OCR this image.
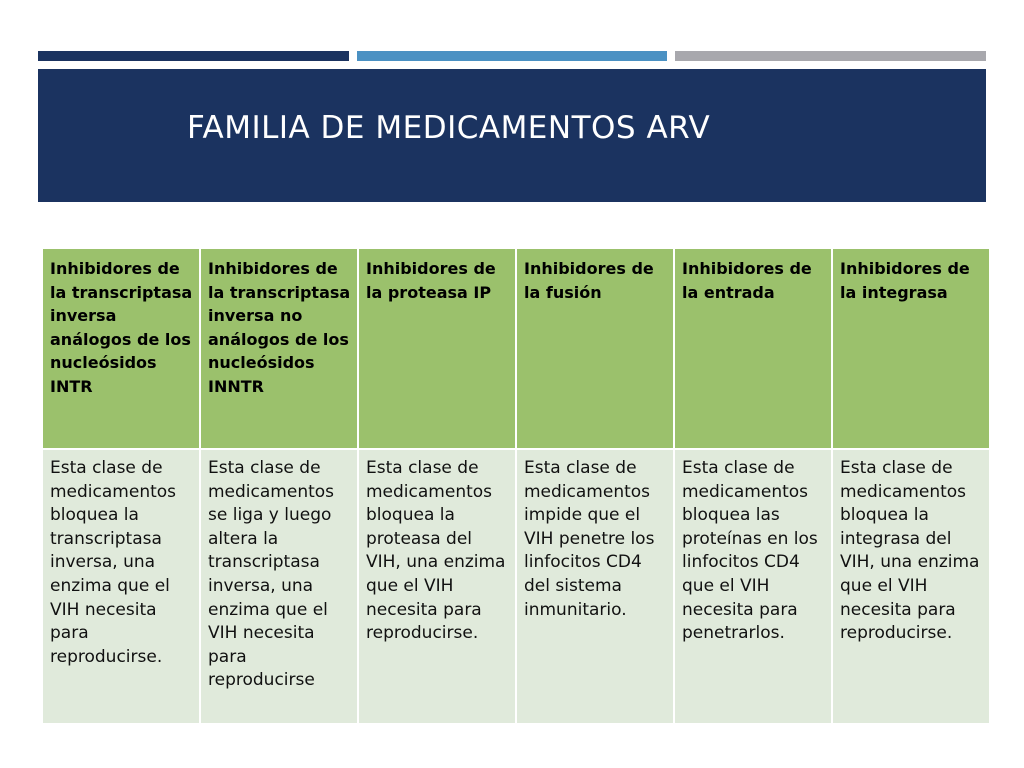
FAMILIA DE MEDICAMENTOS ARV
Inhibidores de la transcriptasa inversa análogos de los nucleósidos INTR	Inhibidores de la transcriptasa inversa no análogos de los nucleósidos INNTR	Inhibidores de la proteasa IP	Inhibidores de la fusión	Inhibidores de la entrada	Inhibidores de la integrasa

Esta clase de medicamentos bloquea la transcriptasa inversa, una enzima que el VIH necesita para reproducirse.	Esta clase de medicamentos se liga y luego altera la transcriptasa inversa, una enzima que el VIH necesita para reproducirse	Esta clase de medicamentos bloquea la proteasa del VIH, una enzima que el VIH necesita para reproducirse.	Esta clase de medicamentos impide que el VIH penetre los linfocitos CD4 del sistema inmunitario.	Esta clase de medicamentos bloquea las proteínas en los linfocitos CD4 que el VIH necesita para penetrarlos.	Esta clase de medicamentos bloquea la integrasa del VIH, una enzima que el VIH necesita para reproducirse.
